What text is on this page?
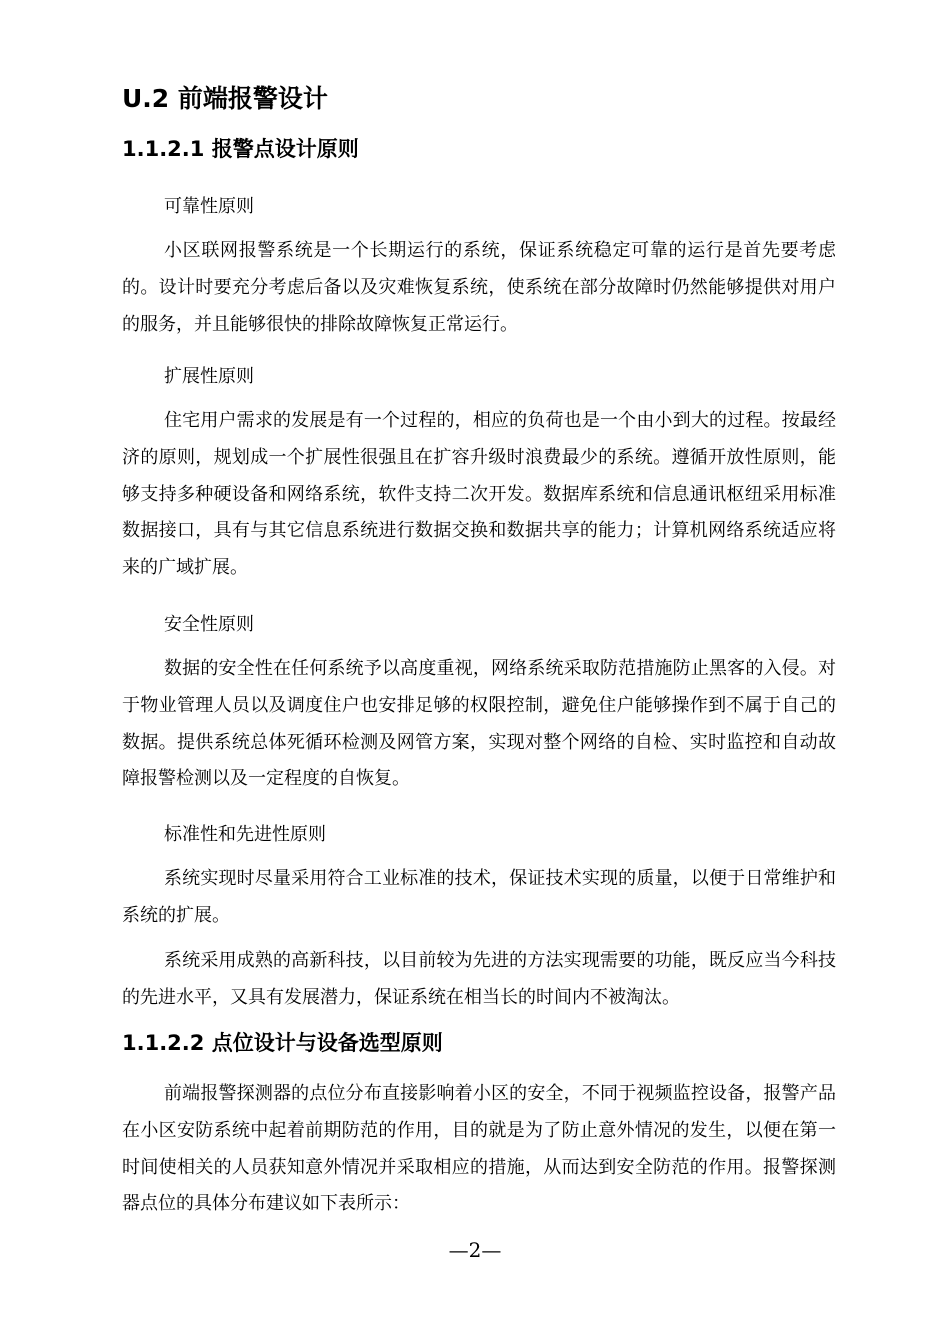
U.2 前端报警设计
1.1.2.1 报警点设计原则

可靠性原则

小区联网报警系统是一个长期运行的系统，保证系统稳定可靠的运行是首先要考虑的。设计时要充分考虑后备以及灾难恢复系统，使系统在部分故障时仍然能够提供对用户的服务，并且能够很快的排除故障恢复正常运行。

扩展性原则

住宅用户需求的发展是有一个过程的，相应的负荷也是一个由小到大的过程。按最经济的原则，规划成一个扩展性很强且在扩容升级时浪费最少的系统。遵循开放性原则，能够支持多种硬设备和网络系统，软件支持二次开发。数据库系统和信息通讯枢纽采用标准数据接口，具有与其它信息系统进行数据交换和数据共享的能力；计算机网络系统适应将来的广域扩展。

安全性原则

数据的安全性在任何系统予以高度重视，网络系统采取防范措施防止黑客的入侵。对于物业管理人员以及调度住户也安排足够的权限控制，避免住户能够操作到不属于自己的数据。提供系统总体死循环检测及网管方案，实现对整个网络的自检、实时监控和自动故障报警检测以及一定程度的自恢复。

标准性和先进性原则

系统实现时尽量采用符合工业标准的技术，保证技术实现的质量，以便于日常维护和系统的扩展。

系统采用成熟的高新科技，以目前较为先进的方法实现需要的功能，既反应当今科技的先进水平，又具有发展潜力，保证系统在相当长的时间内不被淘汰。

1.1.2.2 点位设计与设备选型原则

前端报警探测器的点位分布直接影响着小区的安全，不同于视频监控设备，报警产品在小区安防系统中起着前期防范的作用，目的就是为了防止意外情况的发生，以便在第一时间使相关的人员获知意外情况并采取相应的措施，从而达到安全防范的作用。报警探测器点位的具体分布建议如下表所示：

—2—
